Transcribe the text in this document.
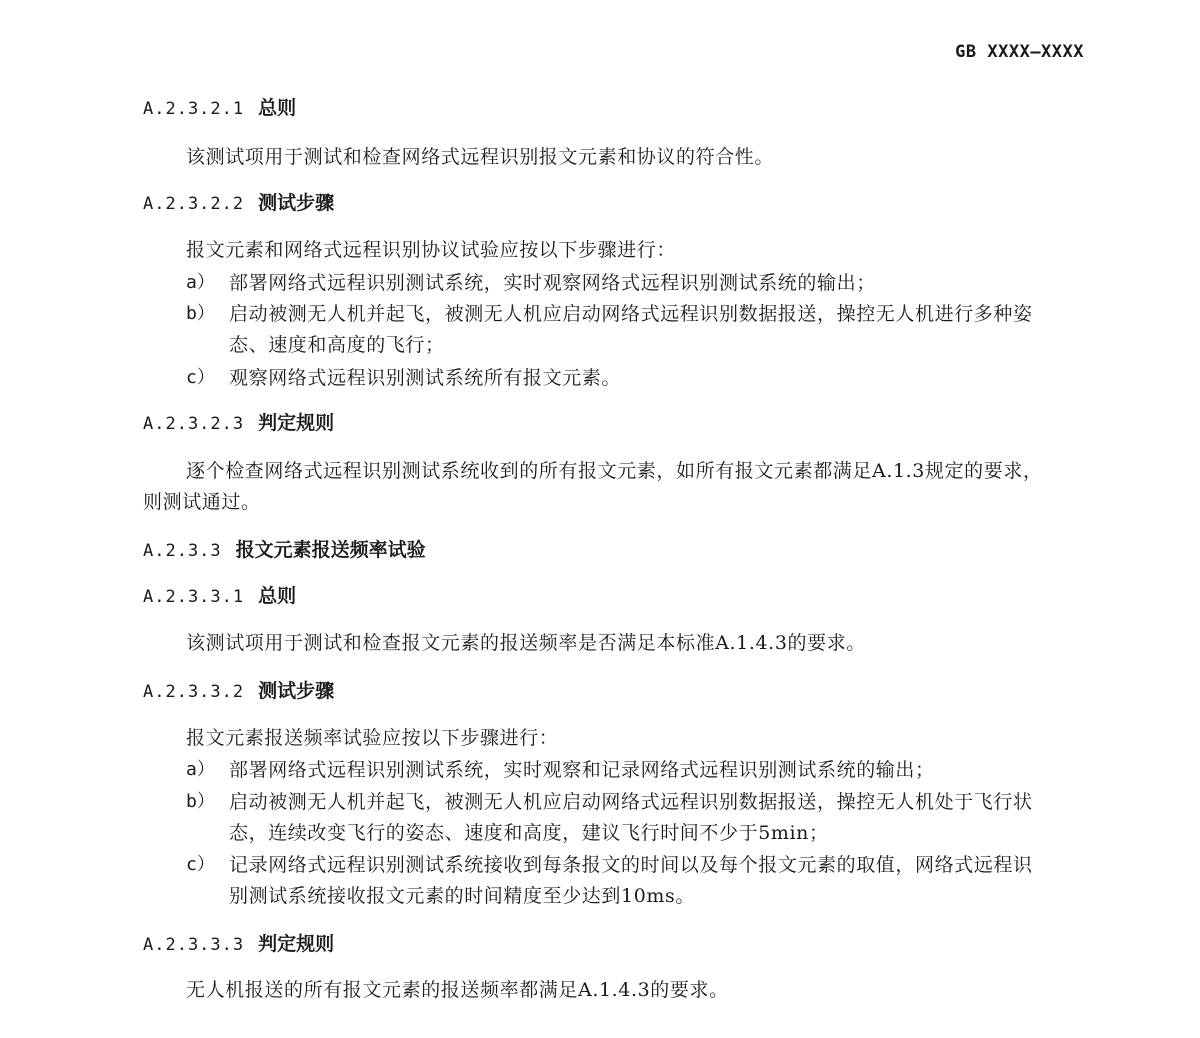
GB XXXX—XXXX
A.2.3.2.1 总则
该测试项用于测试和检查网络式远程识别报文元素和协议的符合性。
A.2.3.2.2 测试步骤
报文元素和网络式远程识别协议试验应按以下步骤进行：
a） 部署网络式远程识别测试系统，实时观察网络式远程识别测试系统的输出；
b） 启动被测无人机并起飞，被测无人机应启动网络式远程识别数据报送，操控无人机进行多种姿
态、速度和高度的飞行；
c） 观察网络式远程识别测试系统所有报文元素。
A.2.3.2.3 判定规则
逐个检查网络式远程识别测试系统收到的所有报文元素，如所有报文元素都满足A.1.3规定的要求，
则测试通过。
A.2.3.3 报文元素报送频率试验
A.2.3.3.1 总则
该测试项用于测试和检查报文元素的报送频率是否满足本标准A.1.4.3的要求。
A.2.3.3.2 测试步骤
报文元素报送频率试验应按以下步骤进行：
a） 部署网络式远程识别测试系统，实时观察和记录网络式远程识别测试系统的输出；
b） 启动被测无人机并起飞，被测无人机应启动网络式远程识别数据报送，操控无人机处于飞行状
态，连续改变飞行的姿态、速度和高度，建议飞行时间不少于5min；
c） 记录网络式远程识别测试系统接收到每条报文的时间以及每个报文元素的取值，网络式远程识
别测试系统接收报文元素的时间精度至少达到10ms。
A.2.3.3.3 判定规则
无人机报送的所有报文元素的报送频率都满足A.1.4.3的要求。
